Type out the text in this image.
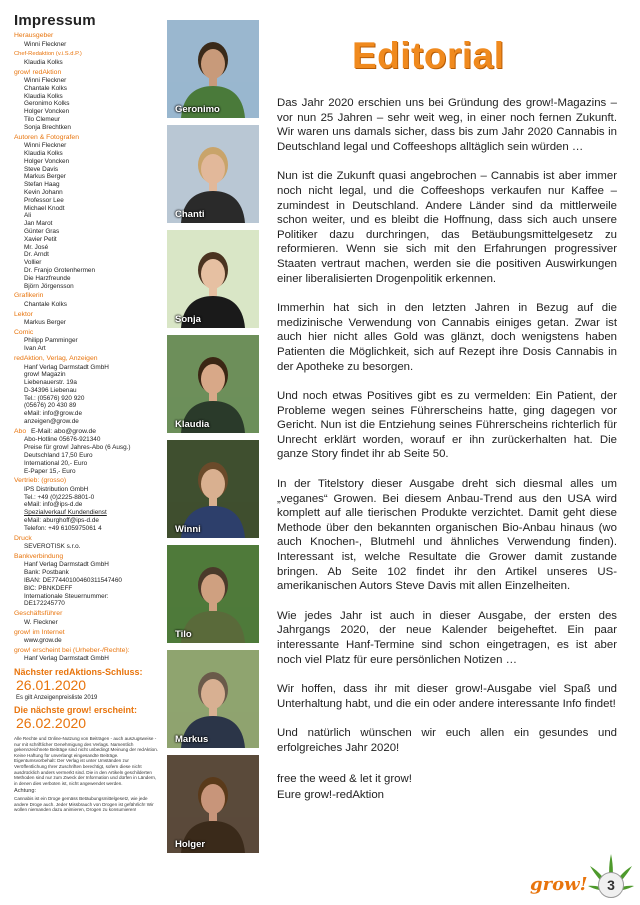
Impressum
Herausgeber
Winni Fleckner
Chef-Redaktion (v.i.S.d.P.)
Klaudia Kolks
grow! redAktion
Winni Fleckner
Chantale Kolks
Klaudia Kolks
Geronimo Kolks
Holger Voncken
Tilo Clemeur
Sonja Brechtken
Autoren & Fotografen
Winni Fleckner
Klaudia Kolks
Holger Voncken
Steve Davis
Markus Berger
Stefan Haag
Kevin Johann
Professor Lee
Michael Knodt
Ali
Jan Marot
Günter Gras
Xavier Petit
Mr. José
Dr. Arndt
Vollier
Dr. Franjo Grotenhermen
Die Harzfreunde
Björn Jörgensson
Grafikerin
Chantale Kolks
Lektor
Markus Berger
Comic
Philipp Pamminger
Ivan Art
redAktion, Verlag, Anzeigen
Hanf Verlag Darmstadt GmbH
grow! Magazin
Liebenauerstr. 19a
D-34396 Liebenau
Tel.: (05676) 920 920
(05676) 20 430 89
eMail: info@grow.de
anzeigen@grow.de
Abo E-Mail: abo@grow.de
Abo-Hotline 05676-921340
Preise für grow! Jahres-Abo (6 Ausg.)
Deutschland 17,50 Euro
International 20,- Euro
E-Paper 15,- Euro
Vertrieb: (grosso)
IPS Distribution GmbH
Tel.: +49 (0)2225-8801-0
eMail: info@ips-d.de
Spezialverkauf Kundendienst
eMail: aburghoff@ips-d.de
Telefon: +49 6105975061 4
Druck
SEVEROTISK s.r.o.
Bankverbindung
Hanf Verlag Darmstadt GmbH
Bank: Postbank
IBAN: DE77440100460311547460
BIC: PBNKDEFF
Internationale Steuernummer:
DE172245770
Geschäftsführer
W. Fleckner
grow! im Internet
www.grow.de
grow! erscheint bei (Urheber-/Rechte):
Hanf Verlag Darmstadt GmbH
Nächster redAktions-Schluss:
26.01.2020
Es gilt Anzeigenpreisliste 2019
Die nächste grow! erscheint:
26.02.2020
Alle Rechte und Online-Nutzung von Beiträgen - auch auszugsweise - nur mit schriftlicher Genehmigung des Verlags. Namentlich gekennzeichnete Beiträge sind nicht unbedingt Meinung der redAktion. Keine Haftung für unverlangt eingesandte Beiträge. Eigentumsvorbehalt: Der Verlag ist unter Umständen zur Veröffentlichung Ihrer Zuschriften berechtigt, sofern diese nicht ausdrücklich anders vermerkt sind. Die in den Artikeln geschilderten Methoden sind nur zum Zweck der Information und dürfen in Ländern, in denen dies verboten ist, nicht angewendet werden.
Achtung:
Cannabis ist ein Droge gemäss Betäubungsmittelgesetz, wie jede andere Droge auch. Jeder Missbrauch von Drogen ist gefährlich! Wir wollen niemanden dazu animieren, Drogen zu konsumieren!
Geronimo
Chanti
Sonja
Klaudia
Winni
Tilo
Markus
Holger
Editorial

Das Jahr 2020 erschien uns bei Gründung des grow!-Magazins – vor nun 25 Jahren – sehr weit weg, in einer noch fernen Zukunft. Wir waren uns damals sicher, dass bis zum Jahr 2020 Cannabis in Deutschland legal und Coffeeshops alltäglich sein würden …

Nun ist die Zukunft quasi angebrochen – Cannabis ist aber immer noch nicht legal, und die Coffeeshops verkaufen nur Kaffee – zumindest in Deutschland. Andere Länder sind da mittlerweile schon weiter, und es bleibt die Hoffnung, dass sich auch unsere Politiker dazu durchringen, das Betäubungsmittelgesetz zu reformieren. Wenn sie sich mit den Erfahrungen progressiver Staaten vertraut machen, werden sie die positiven Auswirkungen einer liberalisierten Drogenpolitik erkennen.

Immerhin hat sich in den letzten Jahren in Bezug auf die medizinische Verwendung von Cannabis einiges getan. Zwar ist auch hier nicht alles Gold was glänzt, doch wenigstens haben Patienten die Möglichkeit, sich auf Rezept ihre Dosis Cannabis in der Apotheke zu besorgen.

Und noch etwas Positives gibt es zu vermelden: Ein Patient, der Probleme wegen seines Führerscheins hatte, ging dagegen vor Gericht. Nun ist die Entziehung seines Führerscheins richterlich für Unrecht erklärt worden, worauf er ihn zurückerhalten hat. Die ganze Story findet ihr ab Seite 50.

In der Titelstory dieser Ausgabe dreht sich diesmal alles um „veganes“ Growen. Bei diesem Anbau-Trend aus den USA wird komplett auf alle tierischen Produkte verzichtet. Damit geht diese Methode über den bekannten organischen Bio-Anbau hinaus (wo auch Knochen-, Blutmehl und ähnliches Verwendung finden). Interessant ist, welche Resultate die Grower damit zustande bringen. Ab Seite 102 findet ihr den Artikel unseres US-amerikanischen Autors Steve Davis mit allen Einzelheiten.

Wie jedes Jahr ist auch in dieser Ausgabe, der ersten des Jahrgangs 2020, der neue Kalender beigeheftet. Ein paar interessante Hanf-Termine sind schon eingetragen, es ist aber noch viel Platz für eure persönlichen Notizen …

Wir hoffen, dass ihr mit dieser grow!-Ausgabe viel Spaß und Unterhaltung habt, und die ein oder andere interessante Info findet!

Und natürlich wünschen wir euch allen ein gesundes und erfolgreiches Jahr 2020!

free the weed & let it grow!
Eure grow!-redAktion
grow!	3
